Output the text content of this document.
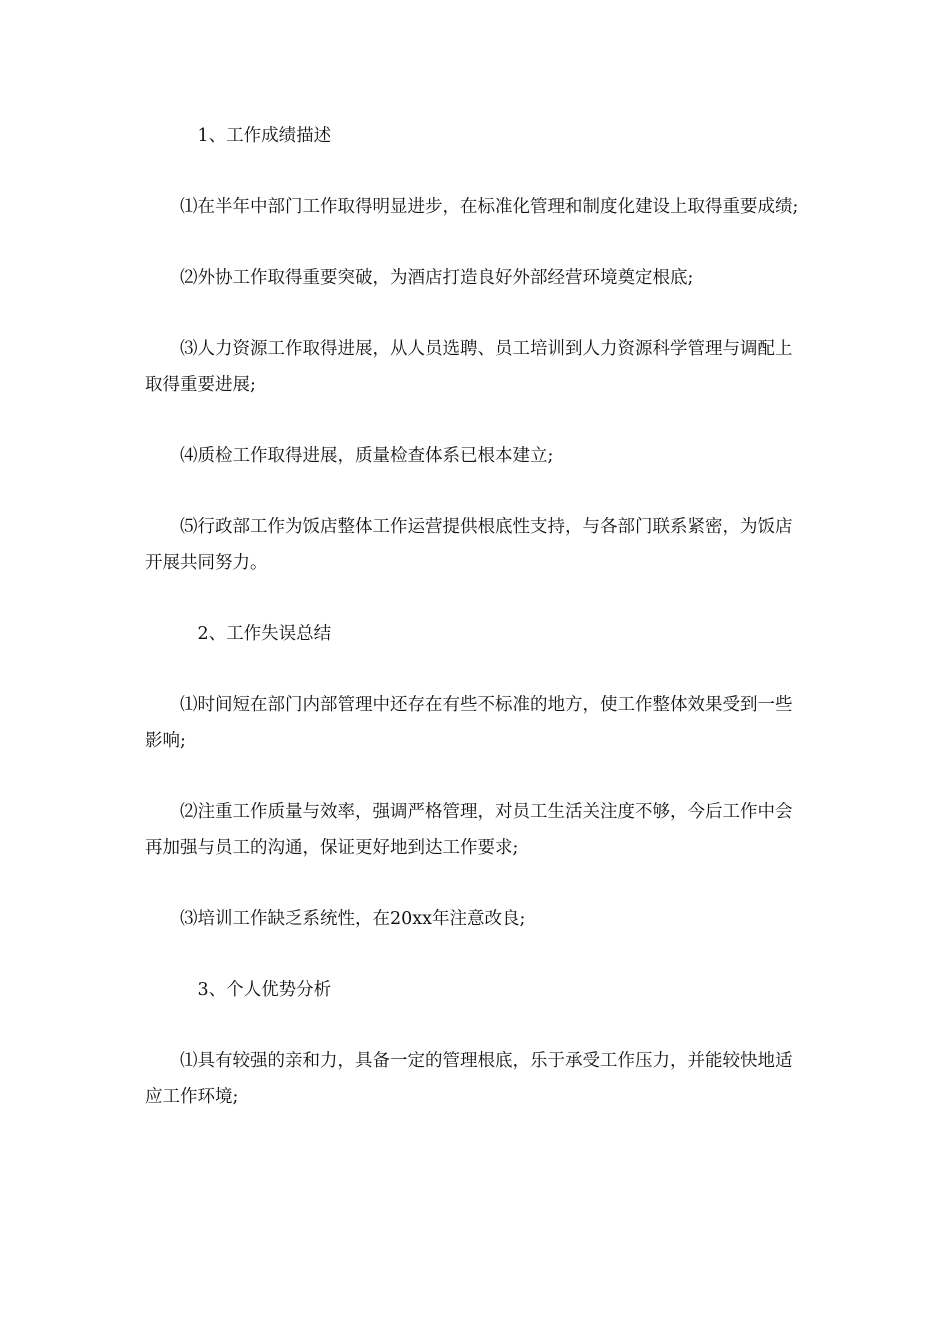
1、工作成绩描述

⑴在半年中部门工作取得明显进步，在标准化管理和制度化建设上取得重要成绩;

⑵外协工作取得重要突破，为酒店打造良好外部经营环境奠定根底;

⑶人力资源工作取得进展，从人员选聘、员工培训到人力资源科学管理与调配上取得重要进展;

⑷质检工作取得进展，质量检查体系已根本建立;

⑸行政部工作为饭店整体工作运营提供根底性支持，与各部门联系紧密，为饭店开展共同努力。

2、工作失误总结

⑴时间短在部门内部管理中还存在有些不标准的地方，使工作整体效果受到一些影响;

⑵注重工作质量与效率，强调严格管理，对员工生活关注度不够，今后工作中会再加强与员工的沟通，保证更好地到达工作要求;

⑶培训工作缺乏系统性，在20xx年注意改良;

3、个人优势分析

⑴具有较强的亲和力，具备一定的管理根底，乐于承受工作压力，并能较快地适应工作环境;
